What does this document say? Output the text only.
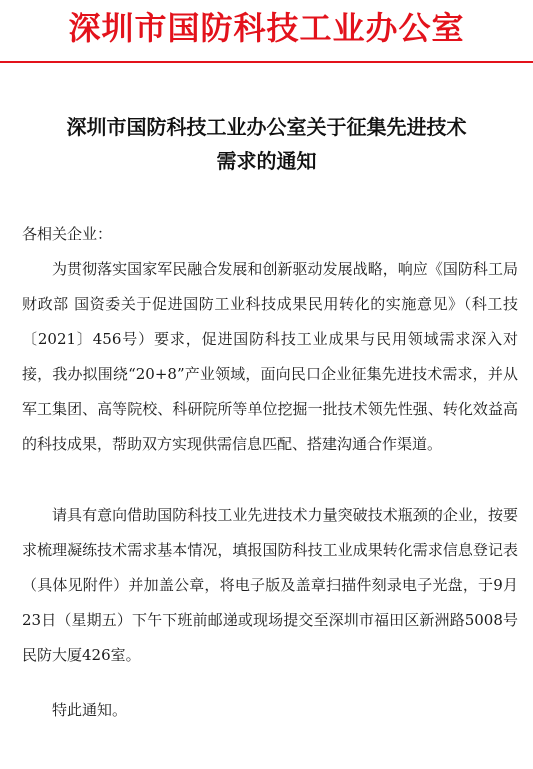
深圳市国防科技工业办公室
深圳市国防科技工业办公室关于征集先进技术
需求的通知
各相关企业：
为贯彻落实国家军民融合发展和创新驱动发展战略，响应《国防科工局 财政部 国资委关于促进国防工业科技成果民用转化的实施意见》（科工技〔2021〕456号）要求，促进国防科技工业成果与民用领域需求深入对接，我办拟围绕“20+8”产业领域，面向民口企业征集先进技术需求，并从军工集团、高等院校、科研院所等单位挖掘一批技术领先性强、转化效益高的科技成果，帮助双方实现供需信息匹配、搭建沟通合作渠道。
请具有意向借助国防科技工业先进技术力量突破技术瓶颈的企业，按要求梳理凝练技术需求基本情况，填报国防科技工业成果转化需求信息登记表（具体见附件）并加盖公章，将电子版及盖章扫描件刻录电子光盘，于9月23日（星期五）下午下班前邮递或现场提交至深圳市福田区新洲路5008号民防大厦426室。
特此通知。
